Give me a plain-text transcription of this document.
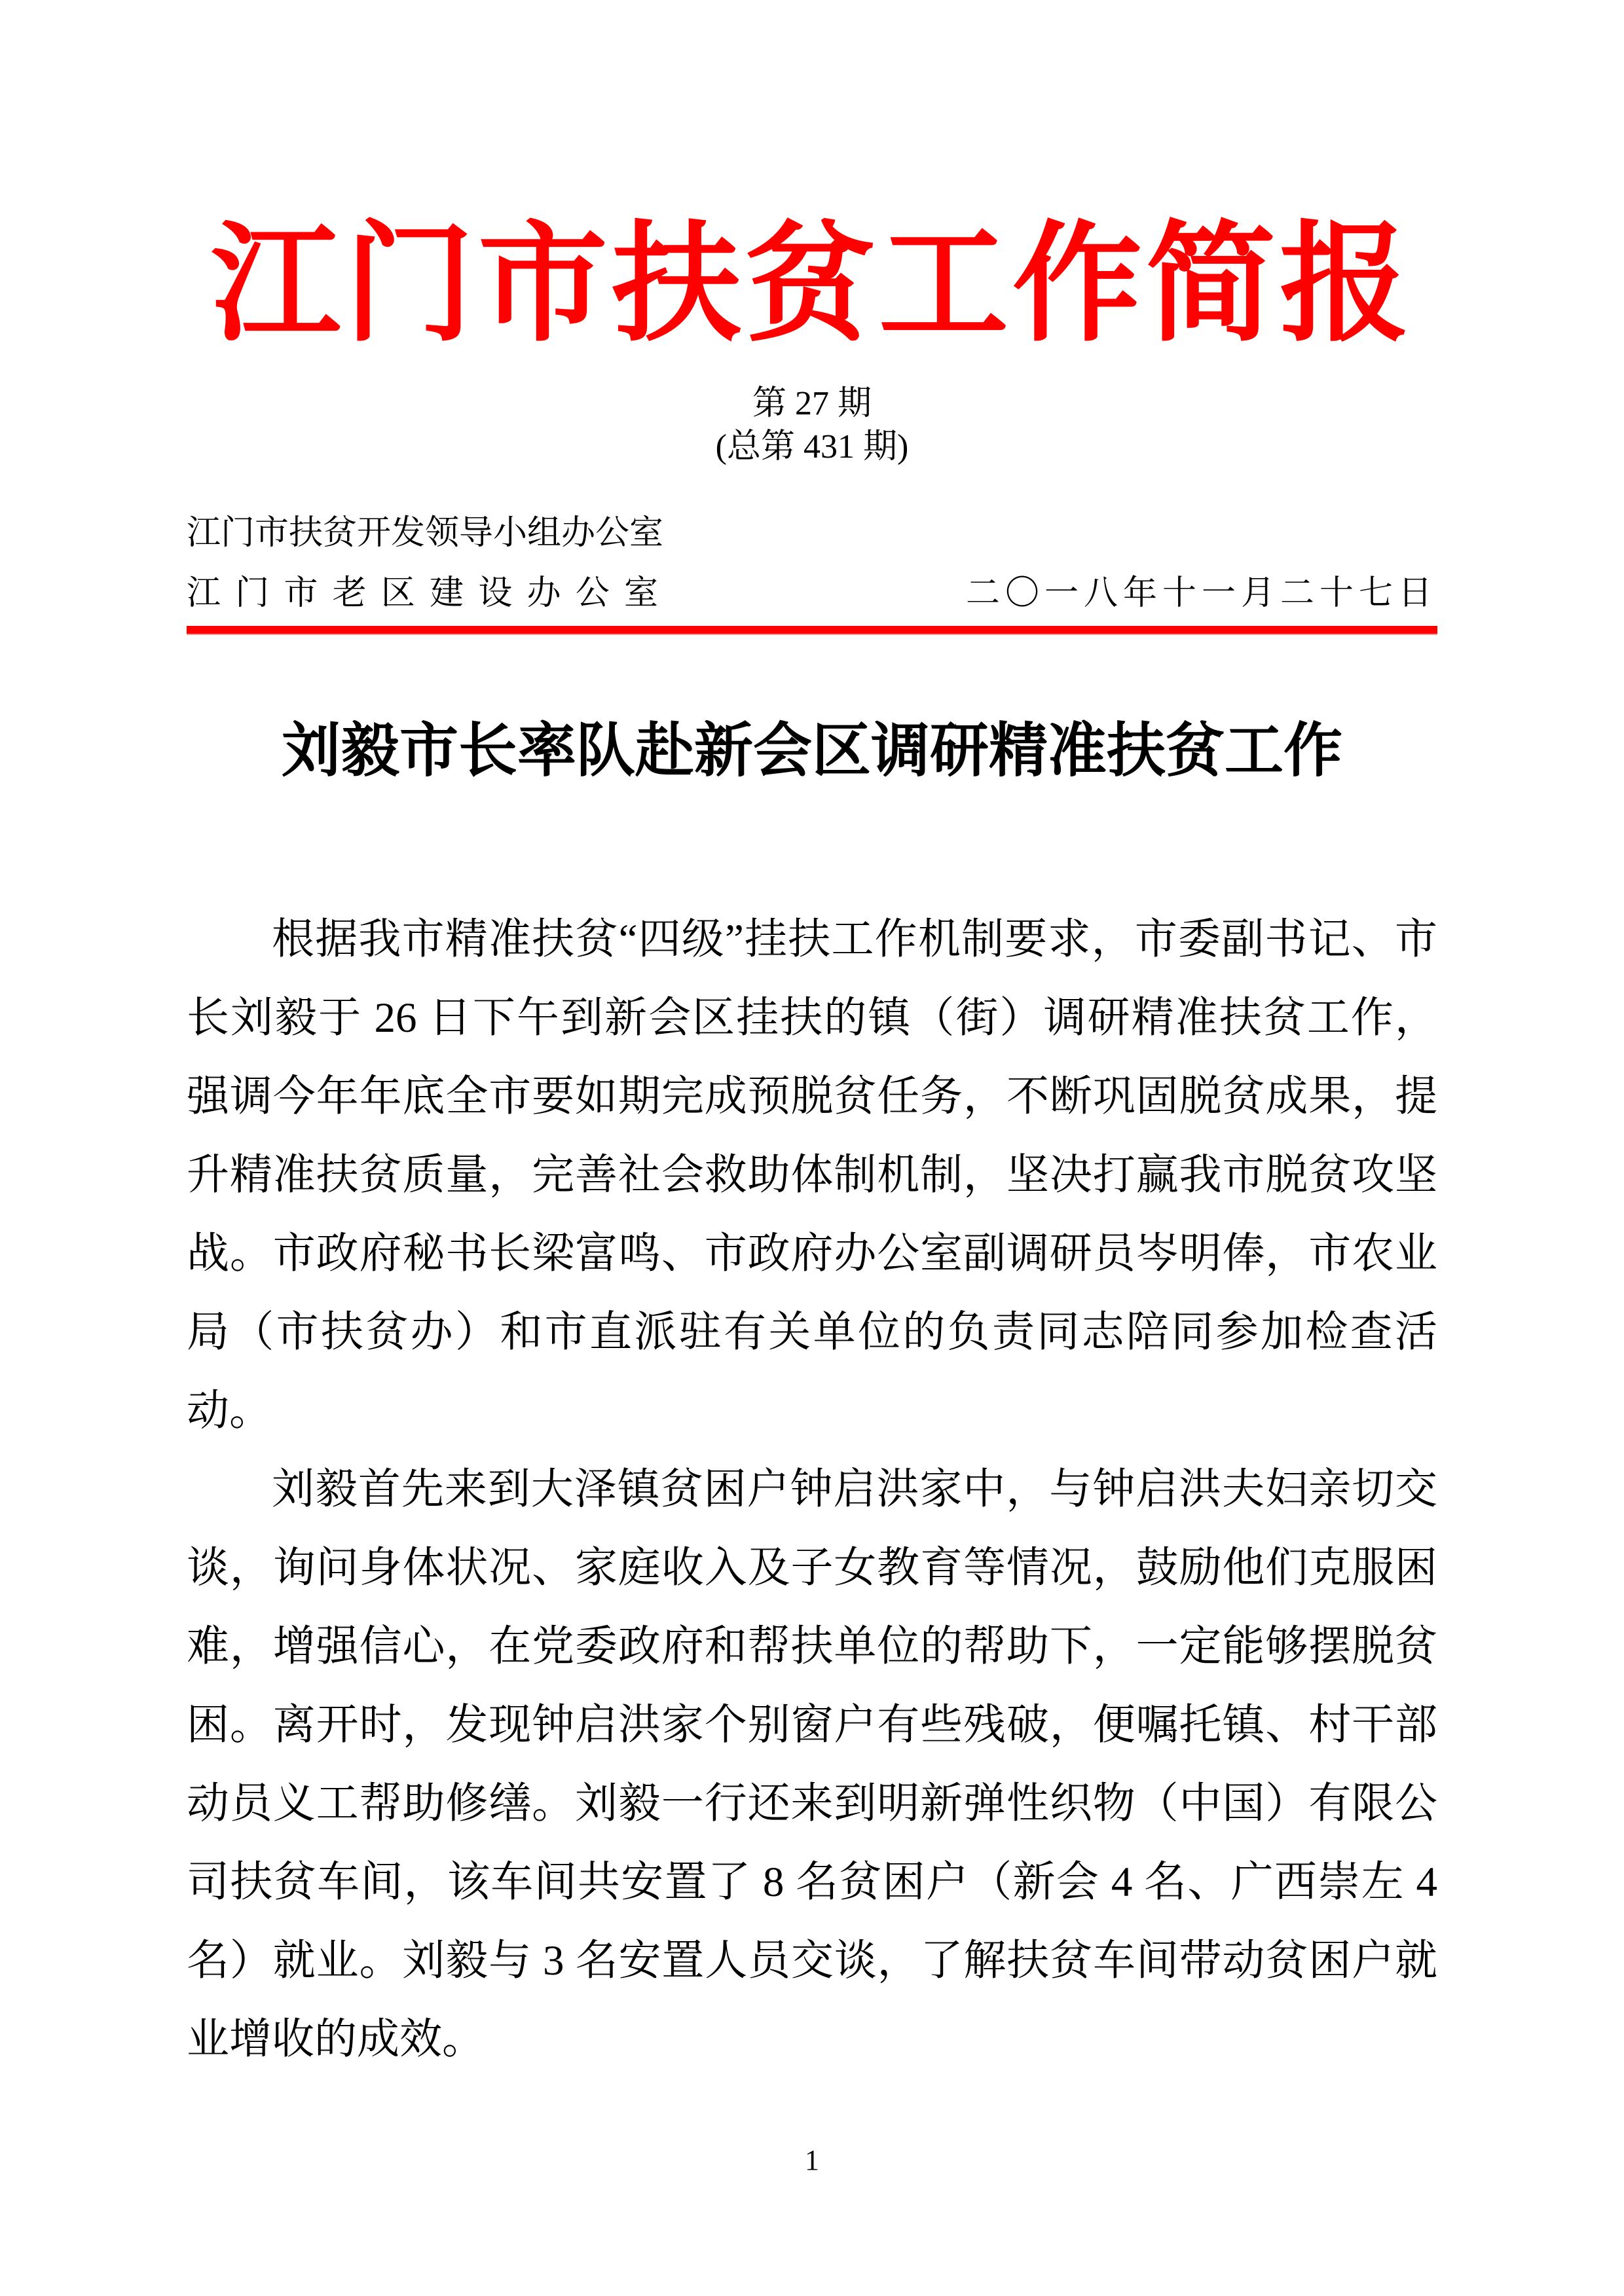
江门市扶贫工作简报
第 27 期
(总第 431 期)
江门市扶贫开发领导小组办公室
江门市老区建设办公室	二〇一八年十一月二十七日
刘毅市长率队赴新会区调研精准扶贫工作

根据我市精准扶贫“四级”挂扶工作机制要求，市委副书记、市长刘毅于 26 日下午到新会区挂扶的镇（街）调研精准扶贫工作，强调今年年底全市要如期完成预脱贫任务，不断巩固脱贫成果，提升精准扶贫质量，完善社会救助体制机制，坚决打赢我市脱贫攻坚战。市政府秘书长梁富鸣、市政府办公室副调研员岑明俸，市农业局（市扶贫办）和市直派驻有关单位的负责同志陪同参加检查活动。

刘毅首先来到大泽镇贫困户钟启洪家中，与钟启洪夫妇亲切交谈，询问身体状况、家庭收入及子女教育等情况，鼓励他们克服困难，增强信心，在党委政府和帮扶单位的帮助下，一定能够摆脱贫困。离开时，发现钟启洪家个别窗户有些残破，便嘱托镇、村干部动员义工帮助修缮。刘毅一行还来到明新弹性织物（中国）有限公司扶贫车间，该车间共安置了 8 名贫困户（新会 4 名、广西崇左 4 名）就业。刘毅与 3 名安置人员交谈，了解扶贫车间带动贫困户就业增收的成效。

1
